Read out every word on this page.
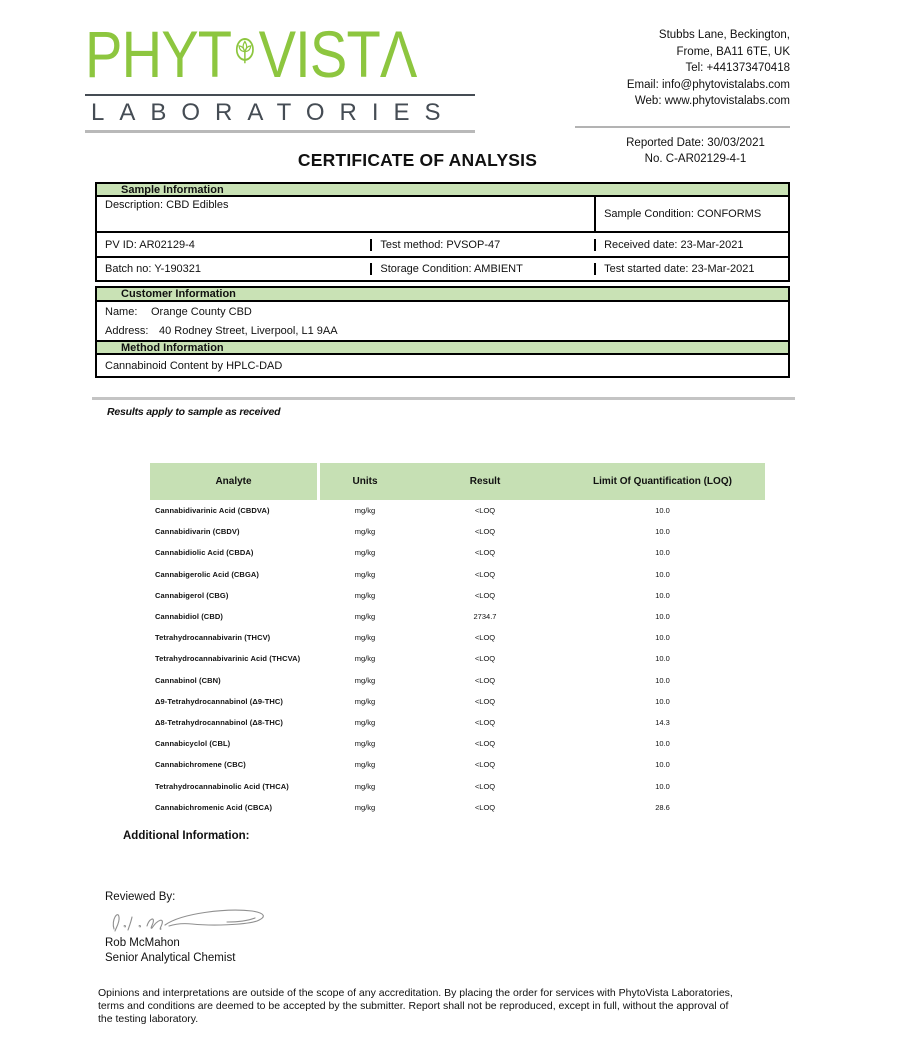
PHYT VISTΛ
LABORATORIES
Stubbs Lane, Beckington,
Frome, BA11 6TE, UK
Tel: +441373470418
Email: info@phytovistalabs.com
Web: www.phytovistalabs.com
Reported Date: 30/03/2021
No. C-AR02129-4-1
CERTIFICATE OF ANALYSIS
Sample Information
Description: CBD Edibles
Sample Condition: CONFORMS
PV ID: AR02129-4	Test method: PVSOP-47	Received date: 23-Mar-2021
Batch no: Y-190321	Storage Condition: AMBIENT	Test started date: 23-Mar-2021
Customer Information
Name:	Orange County CBD
Address: 40 Rodney Street, Liverpool, L1 9AA
Method Information
Cannabinoid Content by HPLC-DAD
Results apply to sample as received
Analyte	Units	Result	Limit Of Quantification (LOQ)
Cannabidivarinic Acid (CBDVA)	mg/kg	<LOQ	10.0
Cannabidivarin (CBDV)	mg/kg	<LOQ	10.0
Cannabidiolic Acid (CBDA)	mg/kg	<LOQ	10.0
Cannabigerolic Acid (CBGA)	mg/kg	<LOQ	10.0
Cannabigerol (CBG)	mg/kg	<LOQ	10.0
Cannabidiol (CBD)	mg/kg	2734.7	10.0
Tetrahydrocannabivarin (THCV)	mg/kg	<LOQ	10.0
Tetrahydrocannabivarinic Acid (THCVA)	mg/kg	<LOQ	10.0
Cannabinol (CBN)	mg/kg	<LOQ	10.0
Δ9-Tetrahydrocannabinol (Δ9-THC)	mg/kg	<LOQ	10.0
Δ8-Tetrahydrocannabinol (Δ8-THC)	mg/kg	<LOQ	14.3
Cannabicyclol (CBL)	mg/kg	<LOQ	10.0
Cannabichromene (CBC)	mg/kg	<LOQ	10.0
Tetrahydrocannabinolic Acid (THCA)	mg/kg	<LOQ	10.0
Cannabichromenic Acid (CBCA)	mg/kg	<LOQ	28.6
Additional Information:
Reviewed By:
Rob McMahon
Senior Analytical Chemist
Opinions and interpretations are outside of the scope of any accreditation. By placing the order for services with PhytoVista Laboratories,
terms and conditions are deemed to be accepted by the submitter. Report shall not be reproduced, except in full, without the approval of
the testing laboratory.
